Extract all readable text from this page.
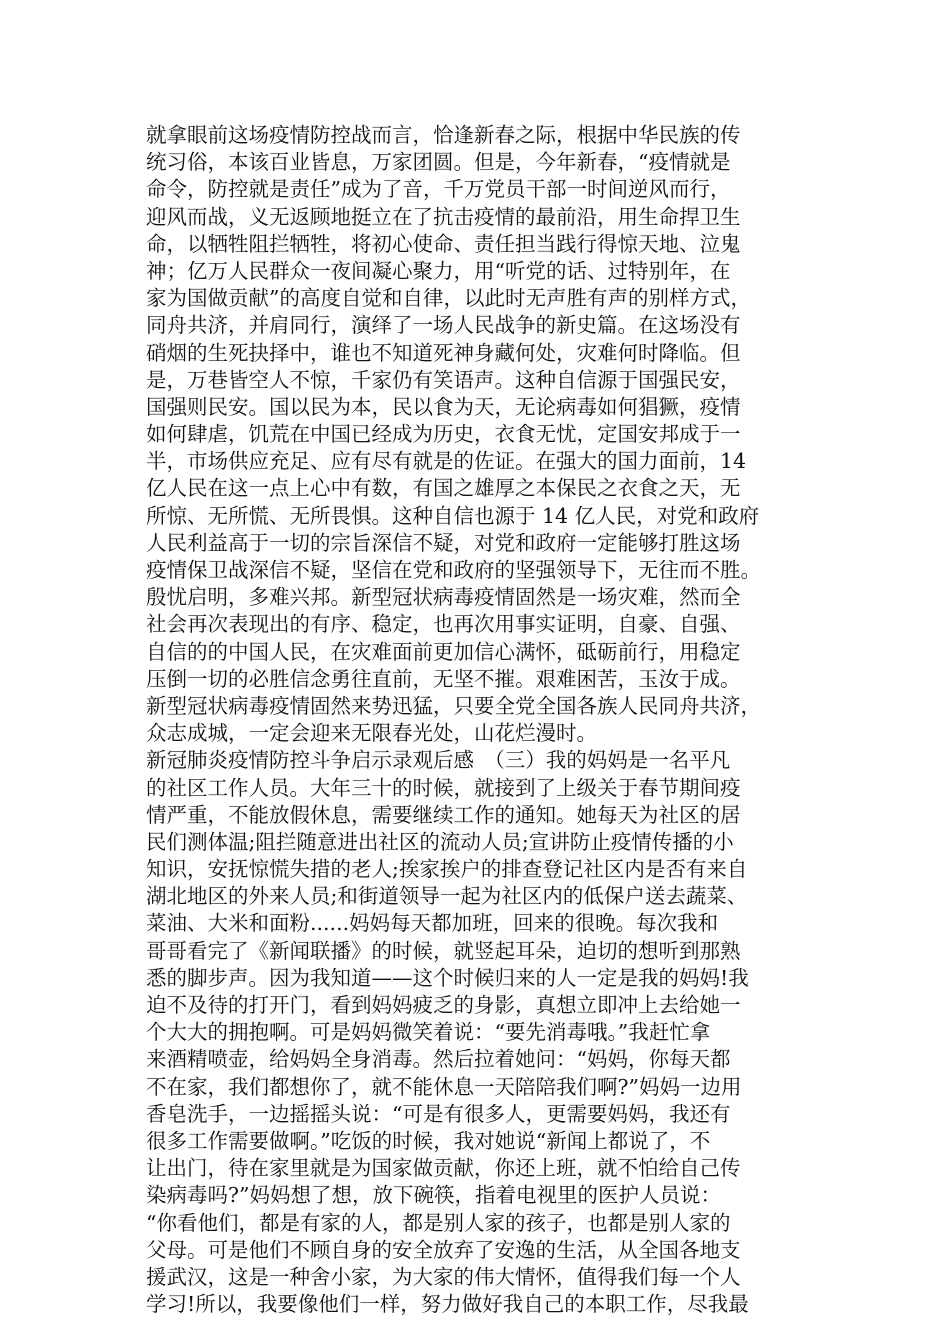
就拿眼前这场疫情防控战而言，恰逢新春之际，根据中华民族的传
统习俗，本该百业皆息，万家团圆。但是，今年新春，“疫情就是
命令，防控就是责任”成为了音，千万党员干部一时间逆风而行，
迎风而战，义无返顾地挺立在了抗击疫情的最前沿，用生命捍卫生
命，以牺牲阻拦牺牲，将初心使命、责任担当践行得惊天地、泣鬼
神；亿万人民群众一夜间凝心聚力，用“听党的话、过特别年，在
家为国做贡献”的高度自觉和自律，以此时无声胜有声的别样方式，
同舟共济，并肩同行，演绎了一场人民战争的新史篇。在这场没有
硝烟的生死抉择中，谁也不知道死神身藏何处，灾难何时降临。但
是，万巷皆空人不惊，千家仍有笑语声。这种自信源于国强民安，
国强则民安。国以民为本，民以食为天，无论病毒如何猖獗，疫情
如何肆虐，饥荒在中国已经成为历史，衣食无忧，定国安邦成于一
半，市场供应充足、应有尽有就是的佐证。在强大的国力面前，14
亿人民在这一点上心中有数，有国之雄厚之本保民之衣食之天，无
所惊、无所慌、无所畏惧。这种自信也源于 14 亿人民，对党和政府
人民利益高于一切的宗旨深信不疑，对党和政府一定能够打胜这场
疫情保卫战深信不疑，坚信在党和政府的坚强领导下，无往而不胜。
殷忧启明，多难兴邦。新型冠状病毒疫情固然是一场灾难，然而全
社会再次表现出的有序、稳定，也再次用事实证明，自豪、自强、
自信的的中国人民，在灾难面前更加信心满怀，砥砺前行，用稳定
压倒一切的必胜信念勇往直前，无坚不摧。艰难困苦，玉汝于成。
新型冠状病毒疫情固然来势迅猛，只要全党全国各族人民同舟共济，
众志成城，一定会迎来无限春光处，山花烂漫时。
新冠肺炎疫情防控斗争启示录观后感　（三）我的妈妈是一名平凡
的社区工作人员。大年三十的时候，就接到了上级关于春节期间疫
情严重，不能放假休息，需要继续工作的通知。她每天为社区的居
民们测体温;阻拦随意进出社区的流动人员;宣讲防止疫情传播的小
知识，安抚惊慌失措的老人;挨家挨户的排查登记社区内是否有来自
湖北地区的外来人员;和街道领导一起为社区内的低保户送去蔬菜、
菜油、大米和面粉......妈妈每天都加班，回来的很晚。每次我和
哥哥看完了《新闻联播》的时候，就竖起耳朵，迫切的想听到那熟
悉的脚步声。因为我知道——这个时候归来的人一定是我的妈妈!我
迫不及待的打开门，看到妈妈疲乏的身影，真想立即冲上去给她一
个大大的拥抱啊。可是妈妈微笑着说：“要先消毒哦。”我赶忙拿
来酒精喷壶，给妈妈全身消毒。然后拉着她问：“妈妈，你每天都
不在家，我们都想你了，就不能休息一天陪陪我们啊?”妈妈一边用
香皂洗手，一边摇摇头说：“可是有很多人，更需要妈妈，我还有
很多工作需要做啊。”吃饭的时候，我对她说“新闻上都说了，不
让出门，待在家里就是为国家做贡献，你还上班，就不怕给自己传
染病毒吗?”妈妈想了想，放下碗筷，指着电视里的医护人员说：
“你看他们，都是有家的人，都是别人家的孩子，也都是别人家的
父母。可是他们不顾自身的安全放弃了安逸的生活，从全国各地支
援武汉，这是一种舍小家，为大家的伟大情怀，值得我们每一个人
学习!所以，我要像他们一样，努力做好我自己的本职工作，尽我最
